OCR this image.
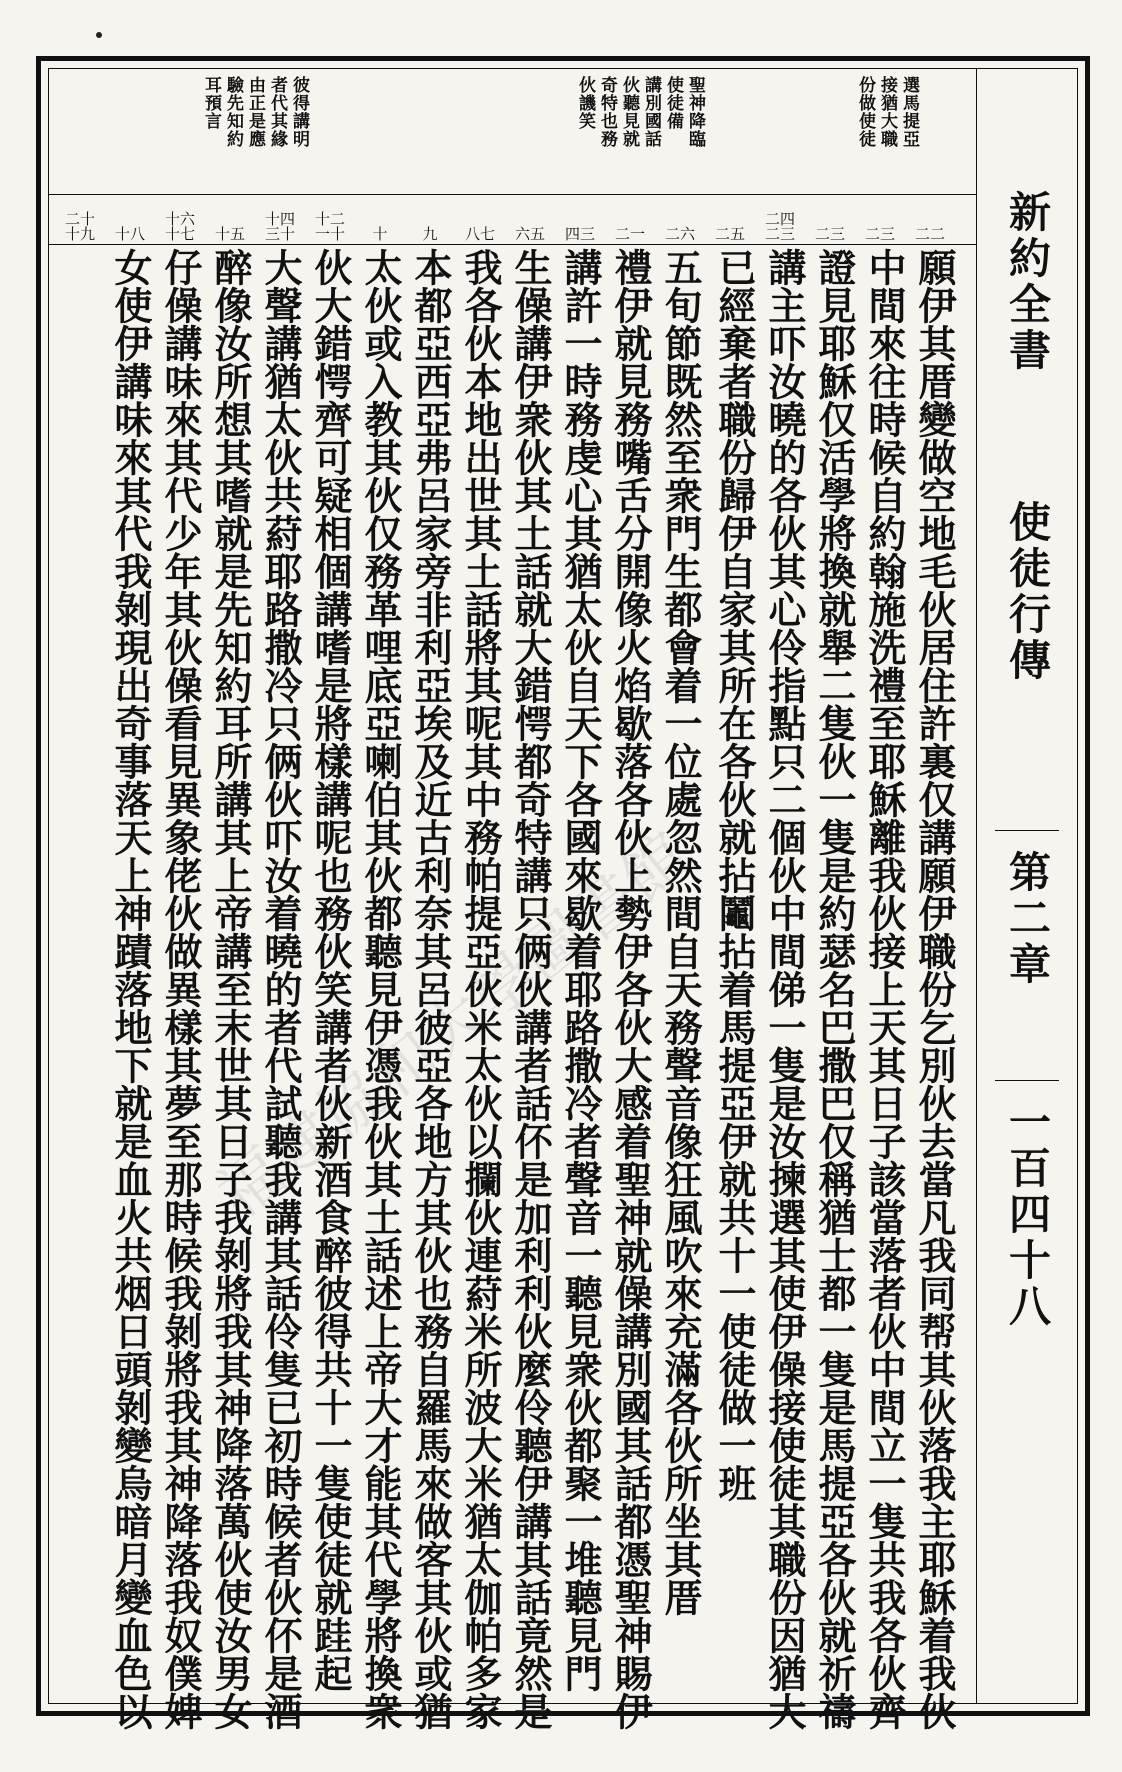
選馬提亞
接猶大職
份做使徒
聖神降臨
使徒備
講別國話
伙聽見就
奇特也務
伙譏笑
彼得講明
者代其緣
由正是應
驗先知約
耳預言
二二
二三
二三
二四 二三
二五
二六
二一
四三
六五
八七
九
十
十二 一十
十四 三十
十五
十六 十七
十八
二十 十九
願伊其厝變做空地毛伙居住許裏仅講願伊職份乞別伙去當凡我同帮其伙落我主耶穌着我伙
中間來往時候自約翰施洗禮至耶穌離我伙接上天其日子該當落者伙中間立一隻共我各伙齊
證見耶穌仅活學將換就舉二隻伙一隻是約瑟名巴撒巴仅稱猶士都一隻是馬提亞各伙就祈禱
講主吓汝曉的各伙其心伶指點只二個伙中間俤一隻是汝揀選其使伊僺接使徒其職份因猶大
已經棄者職份歸伊自家其所在各伙就拈鬮拈着馬提亞伊就共十一使徒做一班
五旬節既然至衆門生都會着一位處忽然間自天務聲音像狂風吹來充滿各伙所坐其厝
禮伊就見務嘴舌分開像火焰歇落各伙上勢伊各伙大感着聖神就僺講別國其話都憑聖神賜伊
講許一時務虔心其猶太伙自天下各國來歇着耶路撒冷者聲音一聽見衆伙都聚一堆聽見門
生僺講伊衆伙其土話就大錯愕都奇特講只俩伙講者話伓是加利利伙麼伶聽伊講其話竟然是
我各伙本地出世其土話將其呢其中務帕提亞伙米太伙以攔伙連葤米所波大米猶太伽帕多家
本都亞西亞弗呂家旁非利亞埃及近古利奈其呂彼亞各地方其伙也務自羅馬來做客其伙或猶
太伙或入教其伙仅務革哩底亞喇伯其伙都聽見伊憑我伙其土話述上帝大才能其代學將換衆
伙大錯愕齊可疑相個講嗜是將樣講呢也務伙笑講者伙新酒食醉彼得共十一隻使徒就跬起
大聲講猶太伙共葤耶路撒冷只俩伙吓汝着曉的者代試聽我講其話伶隻已初時候者伙伓是酒
醉像汝所想其嗜就是先知約耳所講其上帝講至末世其日子我剝將我其神降落萬伙使汝男女
仔僺講味來其代少年其伙僺看見異象佬伙做異樣其夢至那時候我剝將我其神降落我奴僕婢
女使伊講味來其代我剝現出奇事落天上神蹟落地下就是血火共烟日頭剝變烏暗月變血色以	新約全書
使徒行傳
第二章
一百四十八
福建協和大學圖書館
